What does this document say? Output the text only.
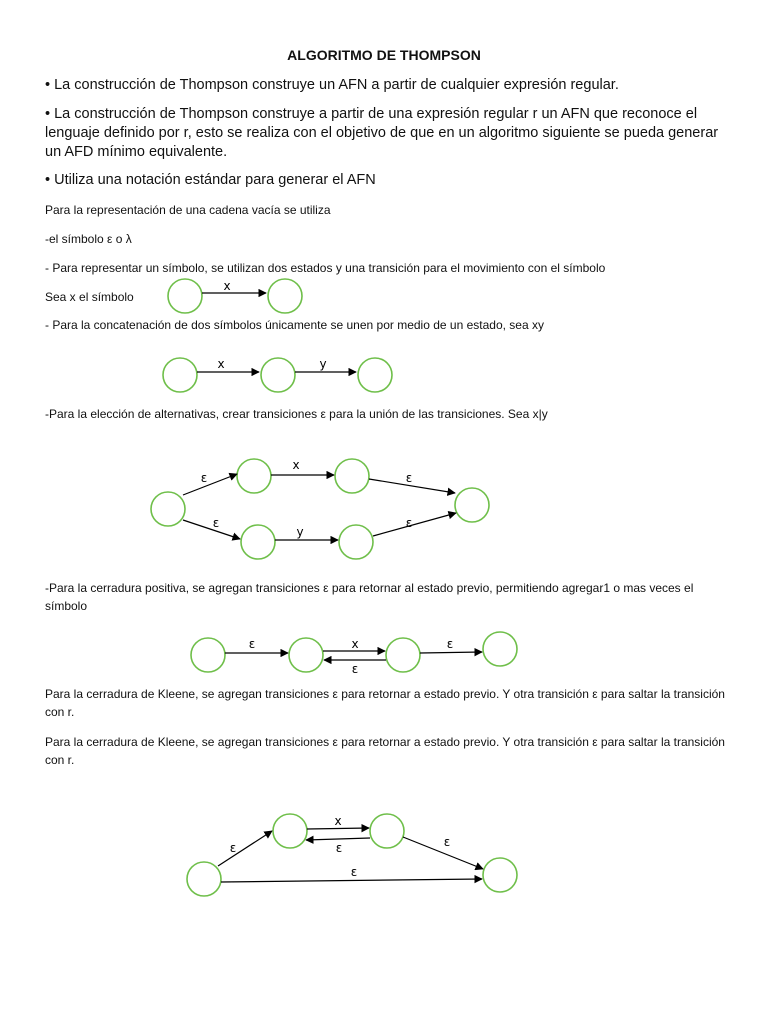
ALGORITMO DE THOMPSON
• La construcción de Thompson construye un AFN a partir de cualquier expresión regular.
• La construcción de Thompson construye a partir de una expresión regular r un AFN que reconoce el lenguaje definido por r, esto se realiza con el objetivo de que en un algoritmo siguiente se pueda generar un AFD mínimo equivalente.
• Utiliza una notación estándar para generar el AFN
Para la representación de una cadena vacía se utiliza
-el símbolo ε o λ
- Para representar un símbolo, se utilizan dos estados y una transición para el movimiento con el símbolo
Sea x el símbolo
- Para la concatenación de dos símbolos únicamente se unen por medio de un estado, sea xy
-Para la elección de alternativas, crear transiciones ε para la unión de las transiciones. Sea x|y
-Para la cerradura positiva, se agregan transiciones ε para retornar al estado previo, permitiendo agregar1 o mas veces el símbolo
Para la cerradura de Kleene, se agregan transiciones ε para retornar a estado previo. Y otra transición ε para saltar la transición con r.
Para la cerradura de Kleene, se agregan transiciones ε para retornar a estado previo. Y otra transición ε para saltar la transición con r.
x
x	y
ε
x
ε
ε
y
ε
ε	x
ε
ε
ε
x
ε	ε
ε
